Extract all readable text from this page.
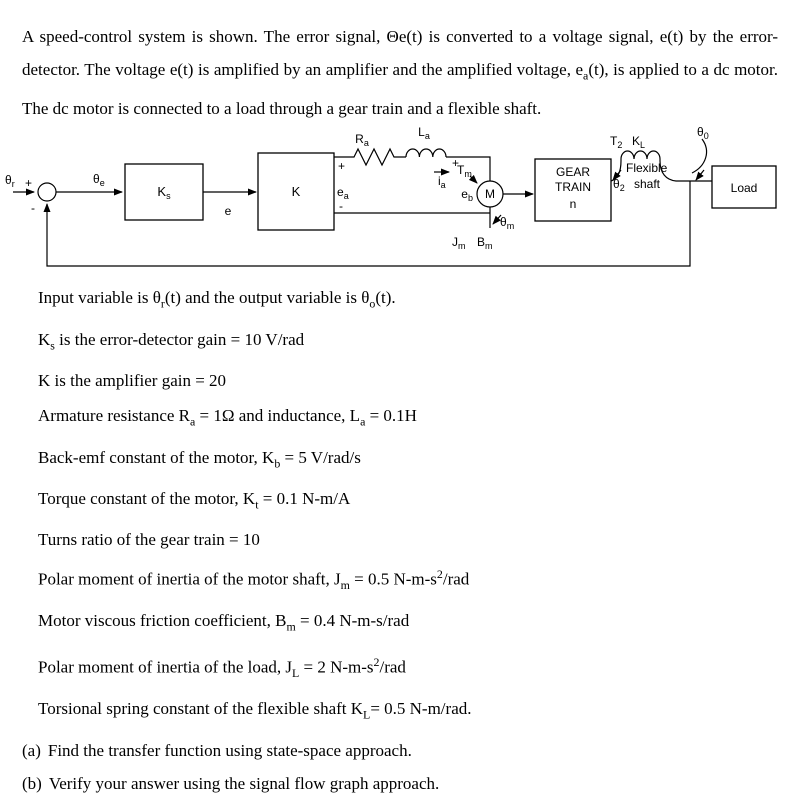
A speed-control system is shown. The error signal, Θe(t) is converted to a voltage signal, e(t) by the error-detector. The voltage e(t) is amplified by an amplifier and the amplified voltage, $e_a(t)$, is applied to a dc motor. The dc motor is connected to a load through a gear train and a flexible shaft.

$\theta_r$ +
-
$\theta_e$
$K_s$
e
K
$R_a$
$L_a$
+
$e_a$
-
$i_a$
+
$T_m$
M
$e_b$
$\theta_m$
$J_m$ $B_m$
GEAR
TRAIN
n
$T_2$ $K_L$
Flexible
$\theta_2$ shaft
$\theta_0$
Load
Input variable is $\theta_r(t)$ and the output variable is $\theta_o(t)$.
$K_s$ is the error-detector gain = 10 V/rad
K is the amplifier gain = 20
Armature resistance $R_a = 1\Omega$ and inductance, $L_a = 0.1H$
Back-emf constant of the motor, $K_b = 5$ V/rad/s
Torque constant of the motor, $K_t = 0.1$ N-m/A
Turns ratio of the gear train = 10
Polar moment of inertia of the motor shaft, $J_m = 0.5$ $N-m-s^2$/rad
Motor viscous friction coefficient, $B_m = 0.4$ N-m-s/rad
Polar moment of inertia of the load, $J_L = 2$ $N-m-s^2$/rad
Torsional spring constant of the flexible shaft $K_L= 0.5$ N-m/rad.
(a) Find the transfer function using state-space approach.
(b) Verify your answer using the signal flow graph approach.
